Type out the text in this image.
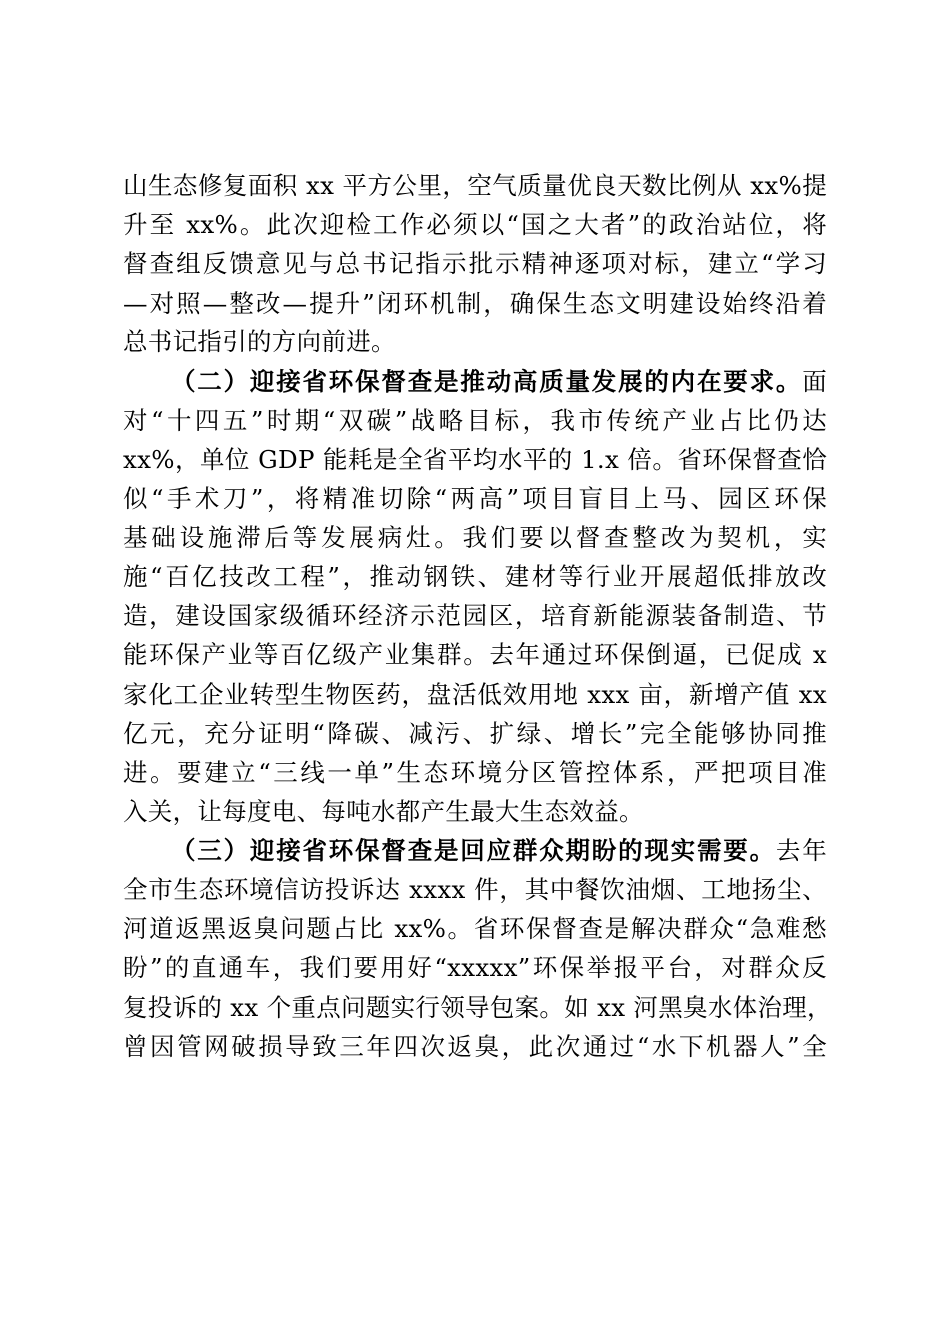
山生态修复面积 xx 平方公里，空气质量优良天数比例从 xx%提
升至 xx%。此次迎检工作必须以“国之大者”的政治站位，将
督查组反馈意见与总书记指示批示精神逐项对标，建立“学习
—对照—整改—提升”闭环机制，确保生态文明建设始终沿着
总书记指引的方向前进。
（二）迎接省环保督查是推动高质量发展的内在要求。面
对“十四五”时期“双碳”战略目标，我市传统产业占比仍达
xx%，单位 GDP 能耗是全省平均水平的 1.x 倍。省环保督查恰
似“手术刀”，将精准切除“两高”项目盲目上马、园区环保
基础设施滞后等发展病灶。我们要以督查整改为契机，实
施“百亿技改工程”，推动钢铁、建材等行业开展超低排放改
造，建设国家级循环经济示范园区，培育新能源装备制造、节
能环保产业等百亿级产业集群。去年通过环保倒逼，已促成 x
家化工企业转型生物医药，盘活低效用地 xxx 亩，新增产值 xx
亿元，充分证明“降碳、减污、扩绿、增长”完全能够协同推
进。要建立“三线一单”生态环境分区管控体系，严把项目准
入关，让每度电、每吨水都产生最大生态效益。
（三）迎接省环保督查是回应群众期盼的现实需要。去年
全市生态环境信访投诉达 xxxx 件，其中餐饮油烟、工地扬尘、
河道返黑返臭问题占比 xx%。省环保督查是解决群众“急难愁
盼”的直通车，我们要用好“xxxxx”环保举报平台，对群众反
复投诉的 xx 个重点问题实行领导包案。如 xx 河黑臭水体治理，
曾因管网破损导致三年四次返臭，此次通过“水下机器人”全
